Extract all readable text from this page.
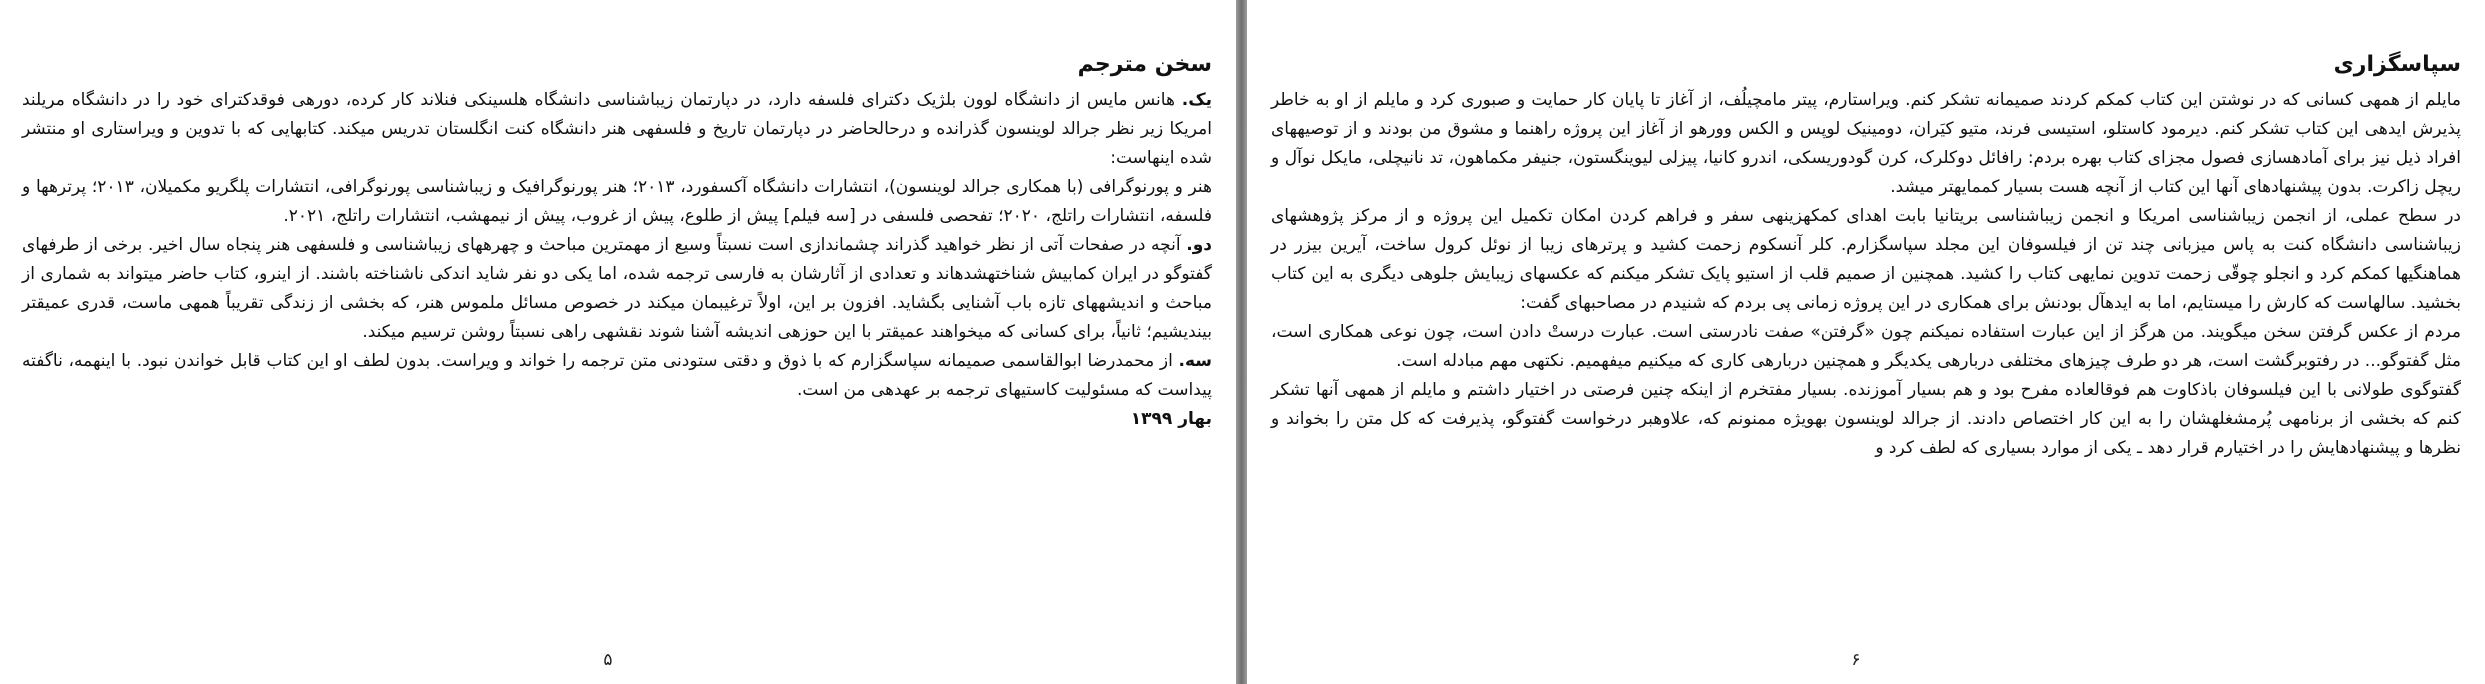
سخن مترجم

یک. هانس مایس از دانشگاه لوون بلژیک دکترای فلسفه دارد، در دپارتمان زیباشناسی دانشگاه هلسینکی فنلاند کار کرده، دورهی فوقدکترای خود را در دانشگاه مریلند امریکا زیر نظر جرالد لوینسون گذرانده و درحالحاضر در دپارتمان تاریخ و فلسفهی هنر دانشگاه کنت انگلستان تدریس میکند. کتابهایی که با تدوین و ویراستاری او منتشر شده اینهاست:

هنر و پورنوگرافی (با همکاری جرالد لوینسون)، انتشارات دانشگاه آکسفورد، ۲۰۱۳؛ هنر پورنوگرافیک و زیباشناسی پورنوگرافی، انتشارات پلگریو مکمیلان، ۲۰۱۳؛ پرترهها و فلسفه، انتشارات راتلج، ۲۰۲۰؛ تفحصی فلسفی در [سه فیلم] پیش از طلوع، پیش از غروب، پیش از نیمهشب، انتشارات راتلج، ۲۰۲۱.

دو. آنچه در صفحات آتی از نظر خواهید گذراند چشماندازی است نسبتاً وسیع از مهمترین مباحث و چهرههای زیباشناسی و فلسفهی هنر پنجاه سال اخیر. برخی از طرفهای گفتوگو در ایران کمابیش شناختهشدهاند و تعدادی از آثارشان به فارسی ترجمه شده، اما یکی دو نفر شاید اندکی ناشناخته باشند. از اینرو، کتاب حاضر میتواند به شماری از مباحث و اندیشههای تازه باب آشنایی بگشاید. افزون بر این، اولاً ترغیبمان میکند در خصوص مسائل ملموس هنر، که بخشی از زندگی تقریباً همهی ماست، قدری عمیقتر بیندیشیم؛ ثانیاً، برای کسانی که میخواهند عمیقتر با این حوزهی اندیشه آشنا شوند نقشهی راهی نسبتاً روشن ترسیم میکند.

سه. از محمدرضا ابوالقاسمی صمیمانه سپاسگزارم که با ذوق و دقتی ستودنی متن ترجمه را خواند و ویراست. بدون لطف او این کتاب قابل خواندن نبود. با اینهمه، ناگفته پیداست که مسئولیت کاستیهای ترجمه بر عهدهی من است.

بهار ۱۳۹۹

۵
سپاسگزاری

مایلم از همهی کسانی که در نوشتن این کتاب کمکم کردند صمیمانه تشکر کنم. ویراستارم، پیتر مامچیلُف، از آغاز تا پایان کار حمایت و صبوری کرد و مایلم از او به خاطر پذیرش ایدهی این کتاب تشکر کنم. دیرمود کاستلو، استیسی فرند، متیو کیَران، دومینیک لوپس و الکس وورهو از آغاز این پروژه راهنما و مشوق من بودند و از توصیههای افراد ذیل نیز برای آمادهسازی فصول مجزای کتاب بهره بردم: رافائل دوکلرک، کرن گودوریسکی، اندرو کانیا، پیزلی لیوینگستون، جنیفر مکماهون، تد نانیچلی، مایکل نوآل و ریچل زاکرت. بدون پیشنهادهای آنها این کتاب از آنچه هست بسیار کممایهتر میشد.

در سطح عملی، از انجمن زیباشناسی امریکا و انجمن زیباشناسی بریتانیا بابت اهدای کمکهزینهی سفر و فراهم کردن امکان تکمیل این پروژه و از مرکز پژوهشهای زیباشناسی دانشگاه کنت به پاس میزبانی چند تن از فیلسوفان این مجلد سپاسگزارم. کلر آنسکوم زحمت کشید و پرترهای زیبا از نوئل کرول ساخت، آیرین بیزر در هماهنگیها کمکم کرد و انجلو چوقّی زحمت تدوین نمایهی کتاب را کشید. همچنین از صمیم قلب از استیو پایک تشکر میکنم که عکسهای زیبایش جلوهی دیگری به این کتاب بخشید. سالهاست که کارش را میستایم، اما به ایدهآل بودنش برای همکاری در این پروژه زمانی پی بردم که شنیدم در مصاحبهای گفت:

مردم از عکس گرفتن سخن میگویند. من هرگز از این عبارت استفاده نمیکنم چون «گرفتن» صفت نادرستی است. عبارت درستْ دادن است، چون نوعی همکاری است، مثل گفتوگو... در رفتوبرگشت است، هر دو طرف چیزهای مختلفی دربارهی یکدیگر و همچنین دربارهی کاری که میکنیم میفهمیم. نکتهی مهم مبادله است.

گفتوگوی طولانی با این فیلسوفان باذکاوت هم فوقالعاده مفرح بود و هم بسیار آموزنده. بسیار مفتخرم از اینکه چنین فرصتی در اختیار داشتم و مایلم از همهی آنها تشکر کنم که بخشی از برنامهی پُرمشغلهشان را به این کار اختصاص دادند. از جرالد لوینسون بهویژه ممنونم که، علاوهبر درخواست گفتوگو، پذیرفت که کل متن را بخواند و نظرها و پیشنهادهایش را در اختیارم قرار دهد ـ یکی از موارد بسیاری که لطف کرد و

۶
